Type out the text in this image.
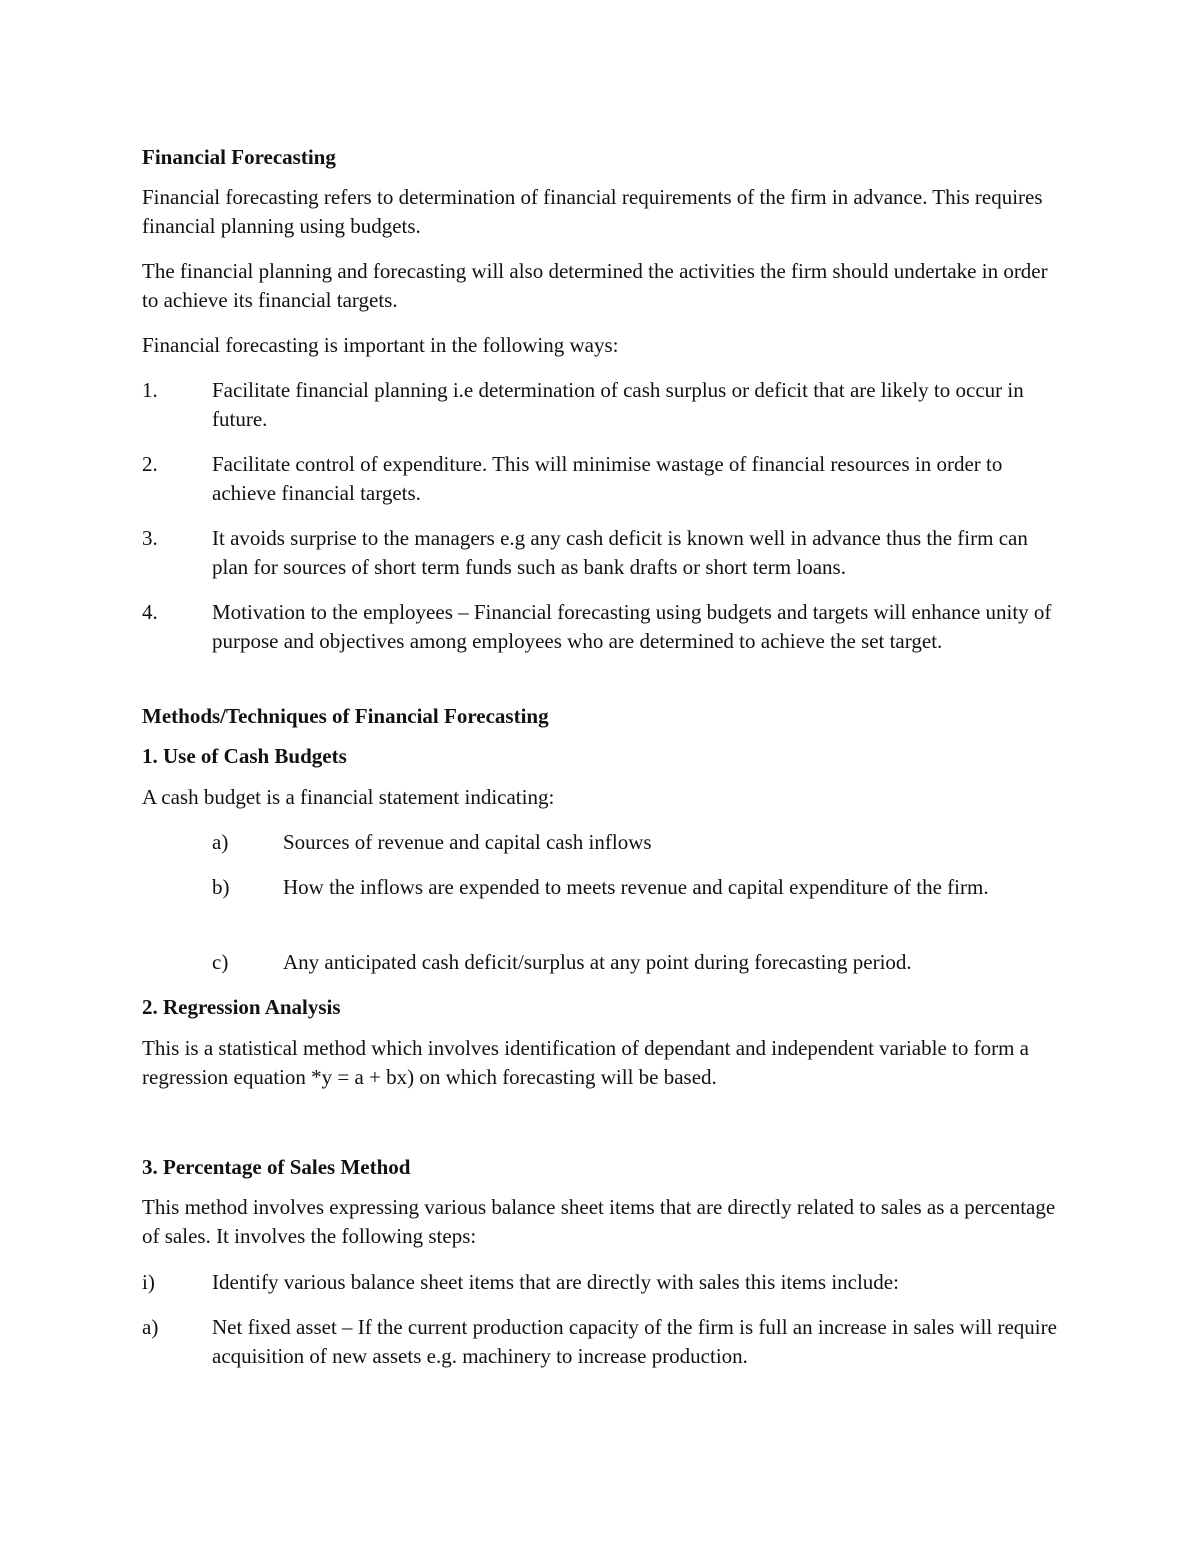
Financial Forecasting

Financial forecasting refers to determination of financial requirements of the firm in advance. This requires financial planning using budgets.

The financial planning and forecasting will also determined the activities the firm should undertake in order to achieve its financial targets.

Financial forecasting is important in the following ways:

1.	Facilitate financial planning i.e determination of cash surplus or deficit that are likely to occur in future.
2.	Facilitate control of expenditure. This will minimise wastage of financial resources in order to achieve financial targets.
3.	It avoids surprise to the managers e.g any cash deficit is known well in advance thus the firm can plan for sources of short term funds such as bank drafts or short term loans.
4.	Motivation to the employees – Financial forecasting using budgets and targets will enhance unity of purpose and objectives among employees who are determined to achieve the set target.
Methods/Techniques of Financial Forecasting
1. Use of Cash Budgets

A cash budget is a financial statement indicating:

a)	Sources of revenue and capital cash inflows
b)	How the inflows are expended to meets revenue and capital expenditure of the firm.
c)	Any anticipated cash deficit/surplus at any point during forecasting period.
2. Regression Analysis

This is a statistical method which involves identification of dependant and independent variable to form a regression equation *y = a + bx) on which forecasting will be based.

3. Percentage of Sales Method

This method involves expressing various balance sheet items that are directly related to sales as a percentage of sales. It involves the following steps:

i)	Identify various balance sheet items that are directly with sales this items include:
a)	Net fixed asset – If the current production capacity of the firm is full an increase in sales will require acquisition of new assets e.g. machinery to increase production.
